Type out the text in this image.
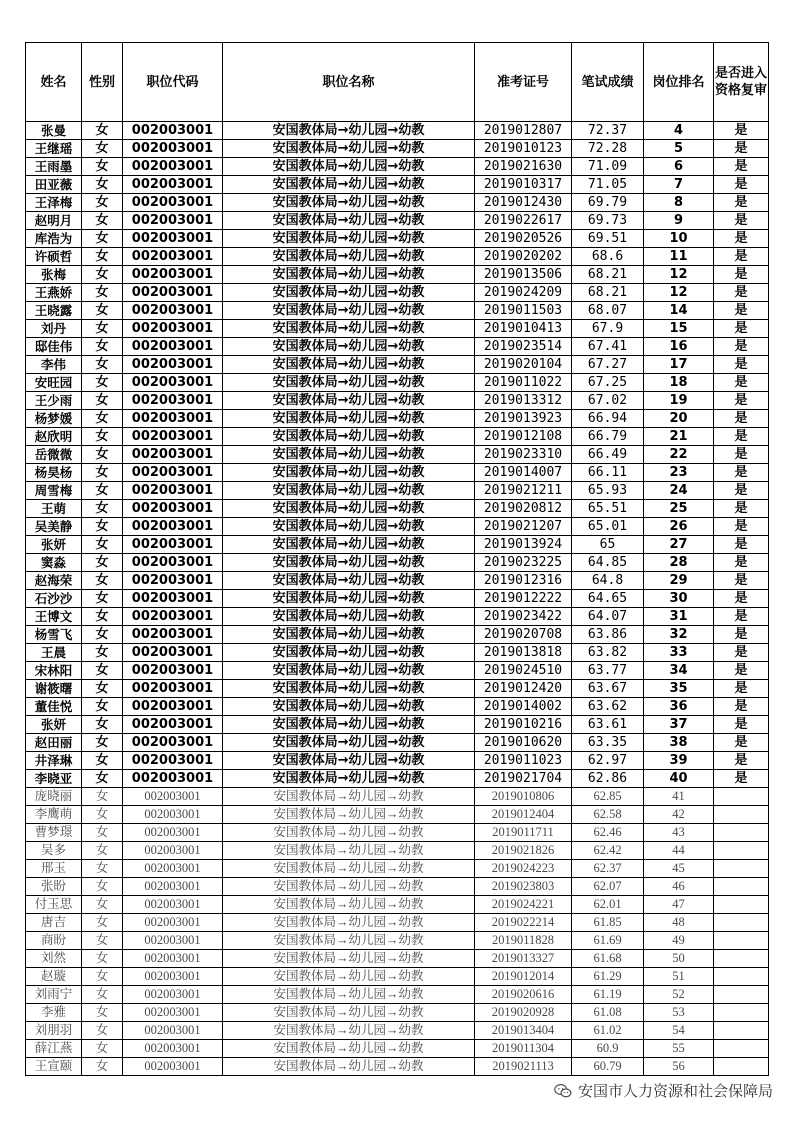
姓名	性别	职位代码	职位名称	准考证号	笔试成绩	岗位排名	是否进入资格复审
张曼	女	002003001	安国教体局→幼儿园→幼教	2019012807	72.37	4	是
王继瑶	女	002003001	安国教体局→幼儿园→幼教	2019010123	72.28	5	是
王雨墨	女	002003001	安国教体局→幼儿园→幼教	2019021630	71.09	6	是
田亚薇	女	002003001	安国教体局→幼儿园→幼教	2019010317	71.05	7	是
王泽梅	女	002003001	安国教体局→幼儿园→幼教	2019012430	69.79	8	是
赵明月	女	002003001	安国教体局→幼儿园→幼教	2019022617	69.73	9	是
库浩为	女	002003001	安国教体局→幼儿园→幼教	2019020526	69.51	10	是
许硕哲	女	002003001	安国教体局→幼儿园→幼教	2019020202	68.6	11	是
张梅	女	002003001	安国教体局→幼儿园→幼教	2019013506	68.21	12	是
王燕娇	女	002003001	安国教体局→幼儿园→幼教	2019024209	68.21	12	是
王晓露	女	002003001	安国教体局→幼儿园→幼教	2019011503	68.07	14	是
刘丹	女	002003001	安国教体局→幼儿园→幼教	2019010413	67.9	15	是
邸佳伟	女	002003001	安国教体局→幼儿园→幼教	2019023514	67.41	16	是
李伟	女	002003001	安国教体局→幼儿园→幼教	2019020104	67.27	17	是
安旺园	女	002003001	安国教体局→幼儿园→幼教	2019011022	67.25	18	是
王少雨	女	002003001	安国教体局→幼儿园→幼教	2019013312	67.02	19	是
杨梦媛	女	002003001	安国教体局→幼儿园→幼教	2019013923	66.94	20	是
赵欣明	女	002003001	安国教体局→幼儿园→幼教	2019012108	66.79	21	是
岳微微	女	002003001	安国教体局→幼儿园→幼教	2019023310	66.49	22	是
杨昊杨	女	002003001	安国教体局→幼儿园→幼教	2019014007	66.11	23	是
周雪梅	女	002003001	安国教体局→幼儿园→幼教	2019021211	65.93	24	是
王萌	女	002003001	安国教体局→幼儿园→幼教	2019020812	65.51	25	是
吴美静	女	002003001	安国教体局→幼儿园→幼教	2019021207	65.01	26	是
张妍	女	002003001	安国教体局→幼儿园→幼教	2019013924	65	27	是
窦淼	女	002003001	安国教体局→幼儿园→幼教	2019023225	64.85	28	是
赵海荣	女	002003001	安国教体局→幼儿园→幼教	2019012316	64.8	29	是
石沙沙	女	002003001	安国教体局→幼儿园→幼教	2019012222	64.65	30	是
王博文	女	002003001	安国教体局→幼儿园→幼教	2019023422	64.07	31	是
杨雪飞	女	002003001	安国教体局→幼儿园→幼教	2019020708	63.86	32	是
王晨	女	002003001	安国教体局→幼儿园→幼教	2019013818	63.82	33	是
宋林阳	女	002003001	安国教体局→幼儿园→幼教	2019024510	63.77	34	是
谢筱曙	女	002003001	安国教体局→幼儿园→幼教	2019012420	63.67	35	是
董佳悦	女	002003001	安国教体局→幼儿园→幼教	2019014002	63.62	36	是
张妍	女	002003001	安国教体局→幼儿园→幼教	2019010216	63.61	37	是
赵田丽	女	002003001	安国教体局→幼儿园→幼教	2019010620	63.35	38	是
井泽琳	女	002003001	安国教体局→幼儿园→幼教	2019011023	62.97	39	是
李晓亚	女	002003001	安国教体局→幼儿园→幼教	2019021704	62.86	40	是
庞晓丽	女	002003001	安国教体局→幼儿园→幼教	2019010806	62.85	41	
李鹰萌	女	002003001	安国教体局→幼儿园→幼教	2019012404	62.58	42	
曹梦璟	女	002003001	安国教体局→幼儿园→幼教	2019011711	62.46	43	
吴多	女	002003001	安国教体局→幼儿园→幼教	2019021826	62.42	44	
邢玉	女	002003001	安国教体局→幼儿园→幼教	2019024223	62.37	45	
张盼	女	002003001	安国教体局→幼儿园→幼教	2019023803	62.07	46	
付玉思	女	002003001	安国教体局→幼儿园→幼教	2019024221	62.01	47	
唐吉	女	002003001	安国教体局→幼儿园→幼教	2019022214	61.85	48	
商盼	女	002003001	安国教体局→幼儿园→幼教	2019011828	61.69	49	
刘然	女	002003001	安国教体局→幼儿园→幼教	2019013327	61.68	50	
赵璇	女	002003001	安国教体局→幼儿园→幼教	2019012014	61.29	51	
刘雨宁	女	002003001	安国教体局→幼儿园→幼教	2019020616	61.19	52	
李雅	女	002003001	安国教体局→幼儿园→幼教	2019020928	61.08	53	
刘朋羽	女	002003001	安国教体局→幼儿园→幼教	2019013404	61.02	54	
薛江燕	女	002003001	安国教体局→幼儿园→幼教	2019011304	60.9	55	
王宣颐	女	002003001	安国教体局→幼儿园→幼教	2019021113	60.79	56	
安国市人力资源和社会保障局
